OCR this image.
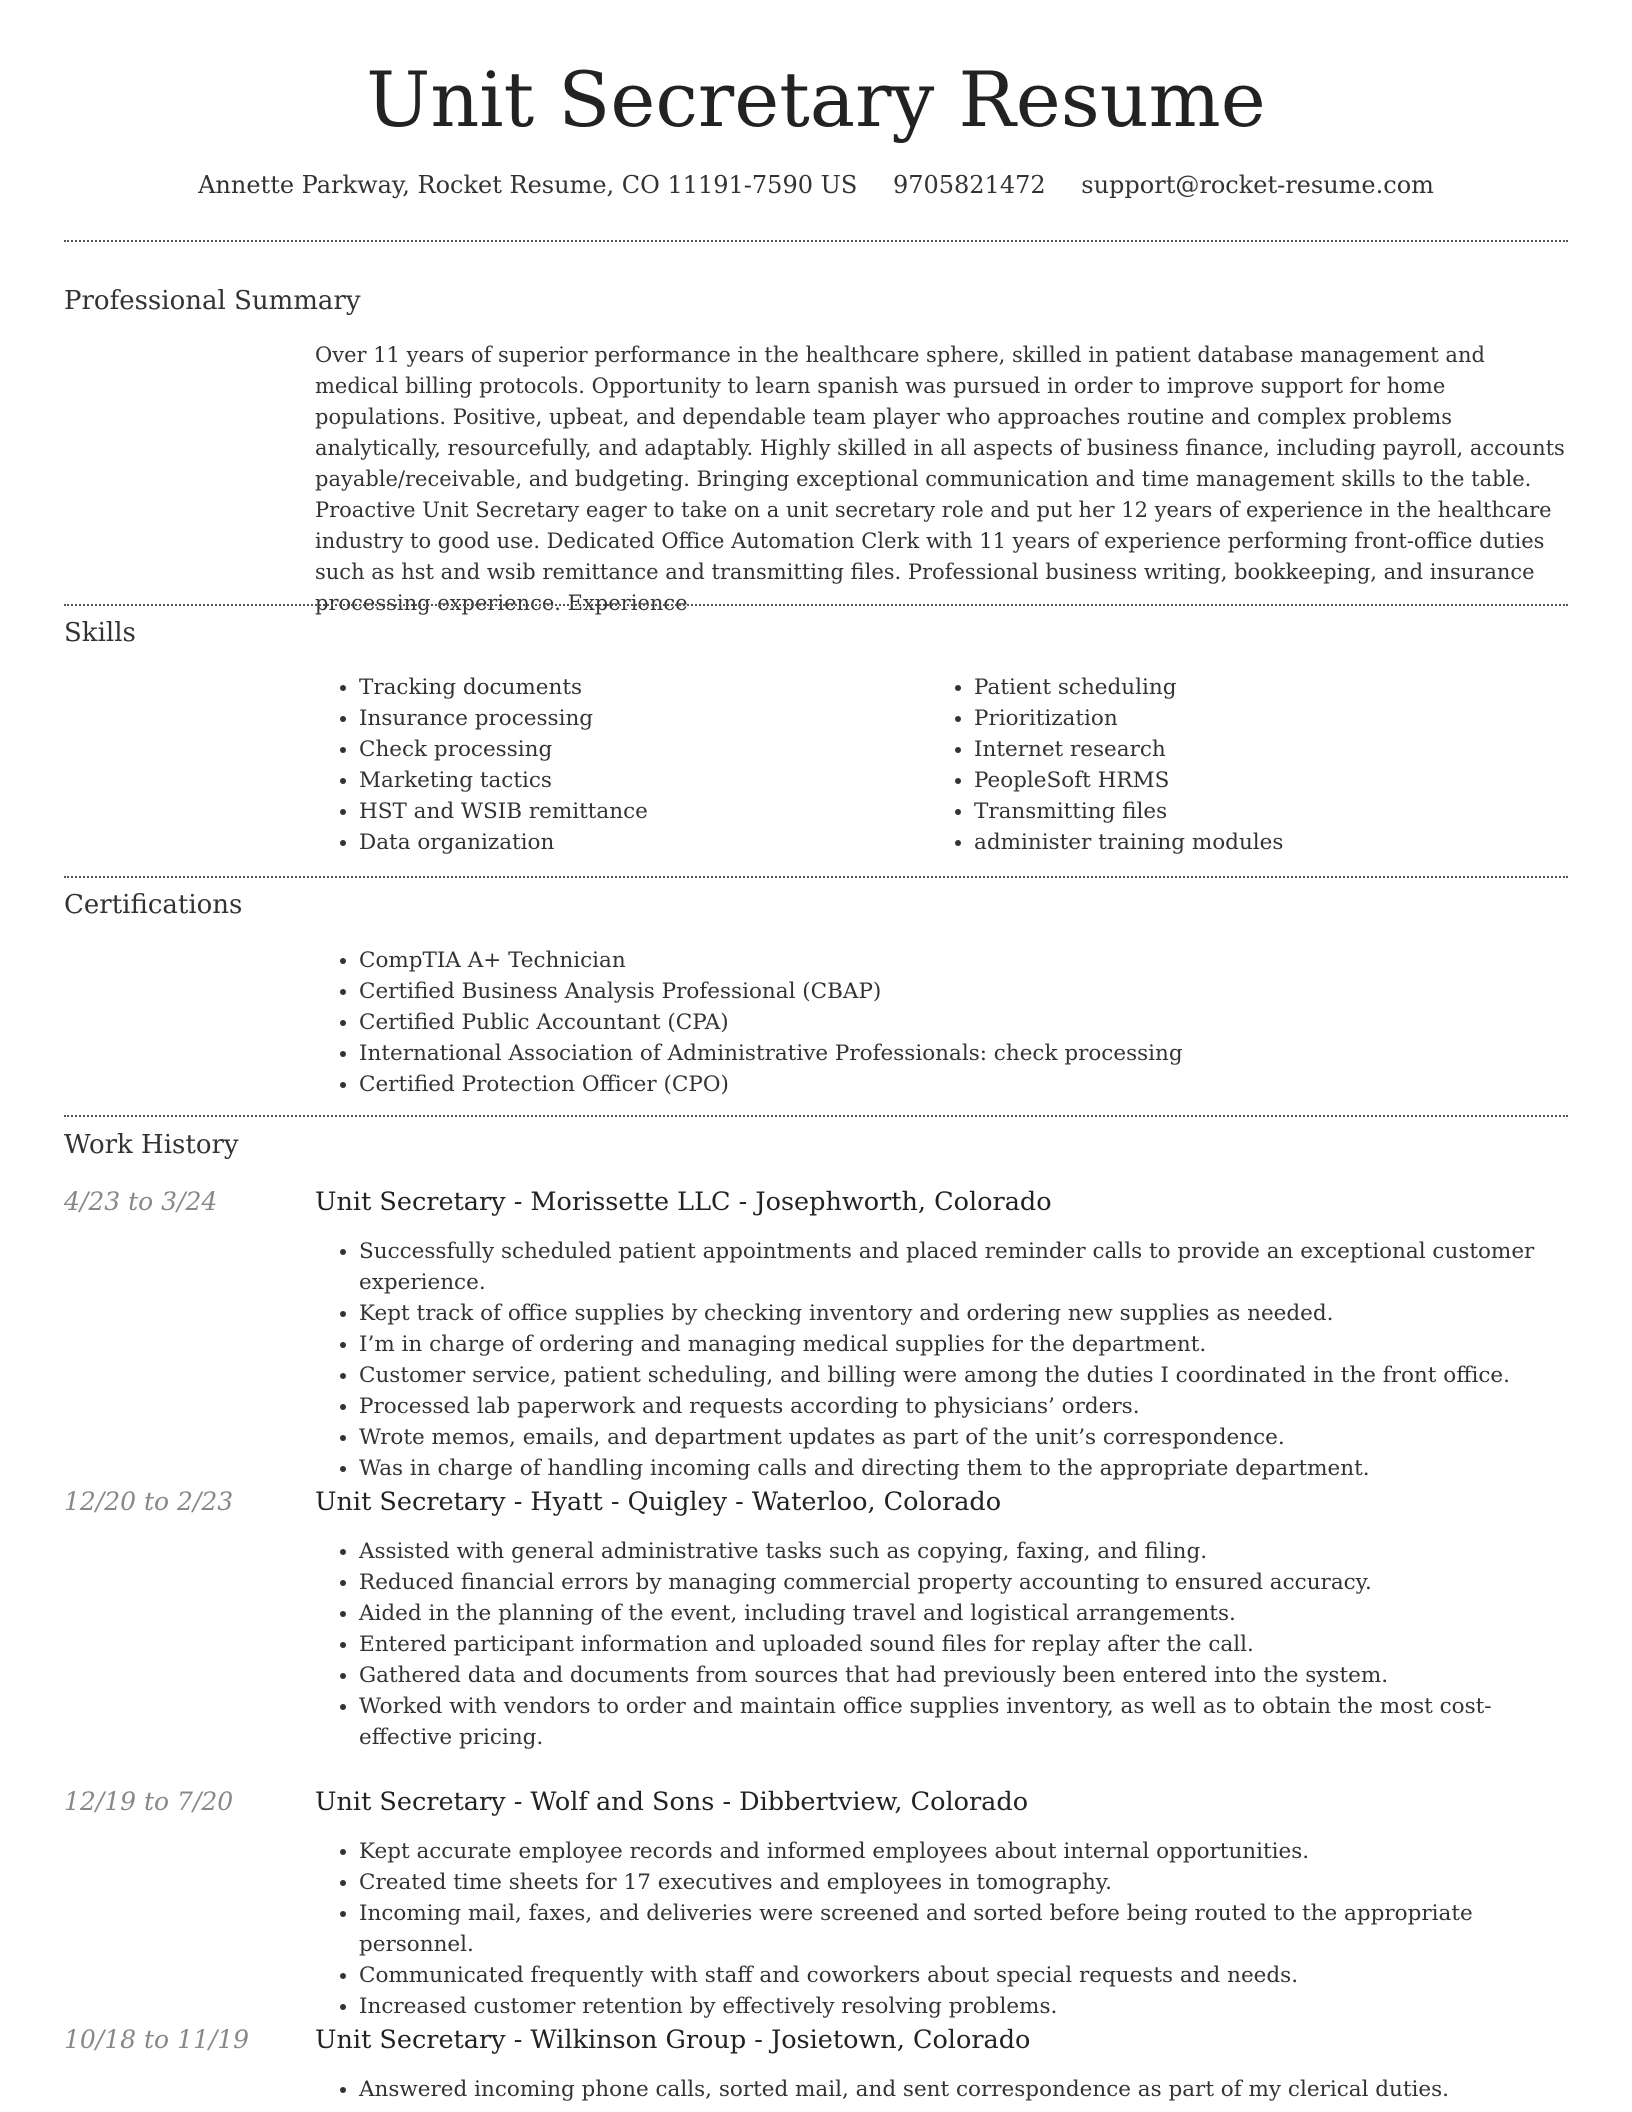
Unit Secretary Resume
Annette Parkway, Rocket Resume, CO 11191-7590 US 9705821472 support@rocket-resume.com
Professional Summary

Over 11 years of superior performance in the healthcare sphere, skilled in patient database management and medical billing protocols. Opportunity to learn spanish was pursued in order to improve support for home populations. Positive, upbeat, and dependable team player who approaches routine and complex problems analytically, resourcefully, and adaptably. Highly skilled in all aspects of business finance, including payroll, accounts payable/receivable, and budgeting. Bringing exceptional communication and time management skills to the table. Proactive Unit Secretary eager to take on a unit secretary role and put her 12 years of experience in the healthcare industry to good use. Dedicated Office Automation Clerk with 11 years of experience performing front-office duties such as hst and wsib remittance and transmitting files. Professional business writing, bookkeeping, and insurance processing experience. Experience

Skills
• Tracking documents
• Insurance processing
• Check processing
• Marketing tactics
• HST and WSIB remittance
• Data organization
• Patient scheduling
• Prioritization
• Internet research
• PeopleSoft HRMS
• Transmitting files
• administer training modules
Certifications
• CompTIA A+ Technician
• Certified Business Analysis Professional (CBAP)
• Certified Public Accountant (CPA)
• International Association of Administrative Professionals: check processing
• Certified Protection Officer (CPO)
Work History
4/23 to 3/24	Unit Secretary - Morissette LLC - Josephworth, Colorado
• Successfully scheduled patient appointments and placed reminder calls to provide an exceptional customer experience.
• Kept track of office supplies by checking inventory and ordering new supplies as needed.
• I’m in charge of ordering and managing medical supplies for the department.
• Customer service, patient scheduling, and billing were among the duties I coordinated in the front office.
• Processed lab paperwork and requests according to physicians’ orders.
• Wrote memos, emails, and department updates as part of the unit’s correspondence.
• Was in charge of handling incoming calls and directing them to the appropriate department.
12/20 to 2/23	Unit Secretary - Hyatt - Quigley - Waterloo, Colorado
• Assisted with general administrative tasks such as copying, faxing, and filing.
• Reduced financial errors by managing commercial property accounting to ensured accuracy.
• Aided in the planning of the event, including travel and logistical arrangements.
• Entered participant information and uploaded sound files for replay after the call.
• Gathered data and documents from sources that had previously been entered into the system.
• Worked with vendors to order and maintain office supplies inventory, as well as to obtain the most cost-effective pricing.
12/19 to 7/20	Unit Secretary - Wolf and Sons - Dibbertview, Colorado
• Kept accurate employee records and informed employees about internal opportunities.
• Created time sheets for 17 executives and employees in tomography.
• Incoming mail, faxes, and deliveries were screened and sorted before being routed to the appropriate personnel.
• Communicated frequently with staff and coworkers about special requests and needs.
• Increased customer retention by effectively resolving problems.
10/18 to 11/19	Unit Secretary - Wilkinson Group - Josietown, Colorado
• Answered incoming phone calls, sorted mail, and sent correspondence as part of my clerical duties.
